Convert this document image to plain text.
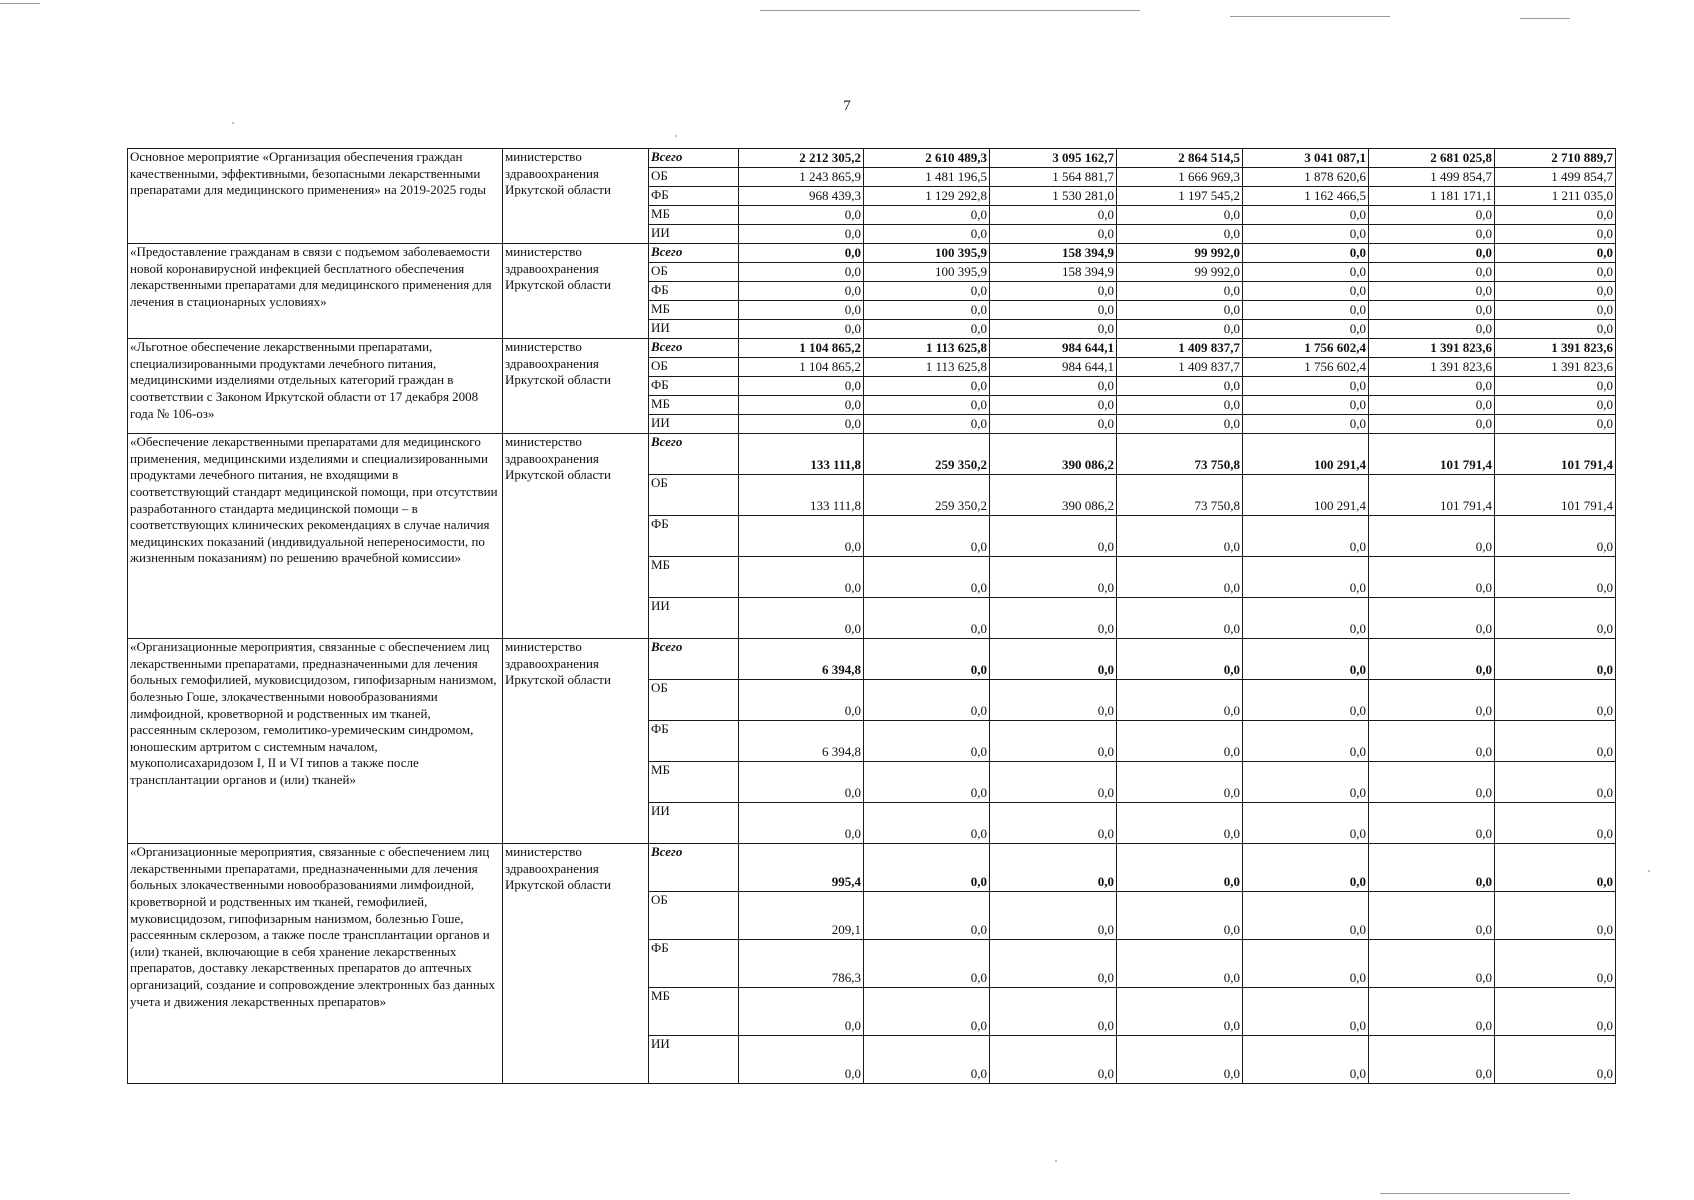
7
Основное мероприятие «Организация обеспечения граждан качественными, эффективными, безопасными лекарственными препаратами для медицинского применения» на 2019-2025 годы	министерство здравоохранения Иркутской области	Всего	2 212 305,2	2 610 489,3	3 095 162,7	2 864 514,5	3 041 087,1	2 681 025,8	2 710 889,7
		ОБ	1 243 865,9	1 481 196,5	1 564 881,7	1 666 969,3	1 878 620,6	1 499 854,7	1 499 854,7
		ФБ	968 439,3	1 129 292,8	1 530 281,0	1 197 545,2	1 162 466,5	1 181 171,1	1 211 035,0
		МБ	0,0	0,0	0,0	0,0	0,0	0,0	0,0
		ИИ	0,0	0,0	0,0	0,0	0,0	0,0	0,0
«Предоставление гражданам в связи с подъемом заболеваемости новой коронавирусной инфекцией бесплатного обеспечения лекарственными препаратами для медицинского применения для лечения в стационарных условиях»	министерство здравоохранения Иркутской области	Всего	0,0	100 395,9	158 394,9	99 992,0	0,0	0,0	0,0
		ОБ	0,0	100 395,9	158 394,9	99 992,0	0,0	0,0	0,0
		ФБ	0,0	0,0	0,0	0,0	0,0	0,0	0,0
		МБ	0,0	0,0	0,0	0,0	0,0	0,0	0,0
		ИИ	0,0	0,0	0,0	0,0	0,0	0,0	0,0
«Льготное обеспечение лекарственными препаратами, специализированными продуктами лечебного питания, медицинскими изделиями отдельных категорий граждан в соответствии с Законом Иркутской области от 17 декабря 2008 года № 106-оз»	министерство здравоохранения Иркутской области	Всего	1 104 865,2	1 113 625,8	984 644,1	1 409 837,7	1 756 602,4	1 391 823,6	1 391 823,6
		ОБ	1 104 865,2	1 113 625,8	984 644,1	1 409 837,7	1 756 602,4	1 391 823,6	1 391 823,6
		ФБ	0,0	0,0	0,0	0,0	0,0	0,0	0,0
		МБ	0,0	0,0	0,0	0,0	0,0	0,0	0,0
		ИИ	0,0	0,0	0,0	0,0	0,0	0,0	0,0
«Обеспечение лекарственными препаратами для медицинского применения, медицинскими изделиями и специализированными продуктами лечебного питания, не входящими в соответствующий стандарт медицинской помощи, при отсутствии разработанного стандарта медицинской помощи – в соответствующих клинических рекомендациях в случае наличия медицинских показаний (индивидуальной непереносимости, по жизненным показаниям) по решению врачебной комиссии»	министерство здравоохранения Иркутской области	Всего	133 111,8	259 350,2	390 086,2	73 750,8	100 291,4	101 791,4	101 791,4
		ОБ	133 111,8	259 350,2	390 086,2	73 750,8	100 291,4	101 791,4	101 791,4
		ФБ	0,0	0,0	0,0	0,0	0,0	0,0	0,0
		МБ	0,0	0,0	0,0	0,0	0,0	0,0	0,0
		ИИ	0,0	0,0	0,0	0,0	0,0	0,0	0,0
«Организационные мероприятия, связанные с обеспечением лиц лекарственными препаратами, предназначенными для лечения больных гемофилией, муковисцидозом, гипофизарным нанизмом, болезнью Гоше, злокачественными новообразованиями лимфоидной, кроветворной и родственных им тканей, рассеянным склерозом, гемолитико-уремическим синдромом, юношеским артритом с системным началом, мукополисахаридозом I, II и VI типов а также после трансплантации органов и (или) тканей»	министерство здравоохранения Иркутской области	Всего	6 394,8	0,0	0,0	0,0	0,0	0,0	0,0
		ОБ	0,0	0,0	0,0	0,0	0,0	0,0	0,0
		ФБ	6 394,8	0,0	0,0	0,0	0,0	0,0	0,0
		МБ	0,0	0,0	0,0	0,0	0,0	0,0	0,0
		ИИ	0,0	0,0	0,0	0,0	0,0	0,0	0,0
«Организационные мероприятия, связанные с обеспечением лиц лекарственными препаратами, предназначенными для лечения больных злокачественными новообразованиями лимфоидной, кроветворной и родственных им тканей, гемофилией, муковисцидозом, гипофизарным нанизмом, болезнью Гоше, рассеянным склерозом, а также после трансплантации органов и (или) тканей, включающие в себя хранение лекарственных препаратов, доставку лекарственных препаратов до аптечных организаций, создание и сопровождение электронных баз данных учета и движения лекарственных препаратов»	министерство здравоохранения Иркутской области	Всего	995,4	0,0	0,0	0,0	0,0	0,0	0,0
		ОБ	209,1	0,0	0,0	0,0	0,0	0,0	0,0
		ФБ	786,3	0,0	0,0	0,0	0,0	0,0	0,0
		МБ	0,0	0,0	0,0	0,0	0,0	0,0	0,0
		ИИ	0,0	0,0	0,0	0,0	0,0	0,0	0,0
